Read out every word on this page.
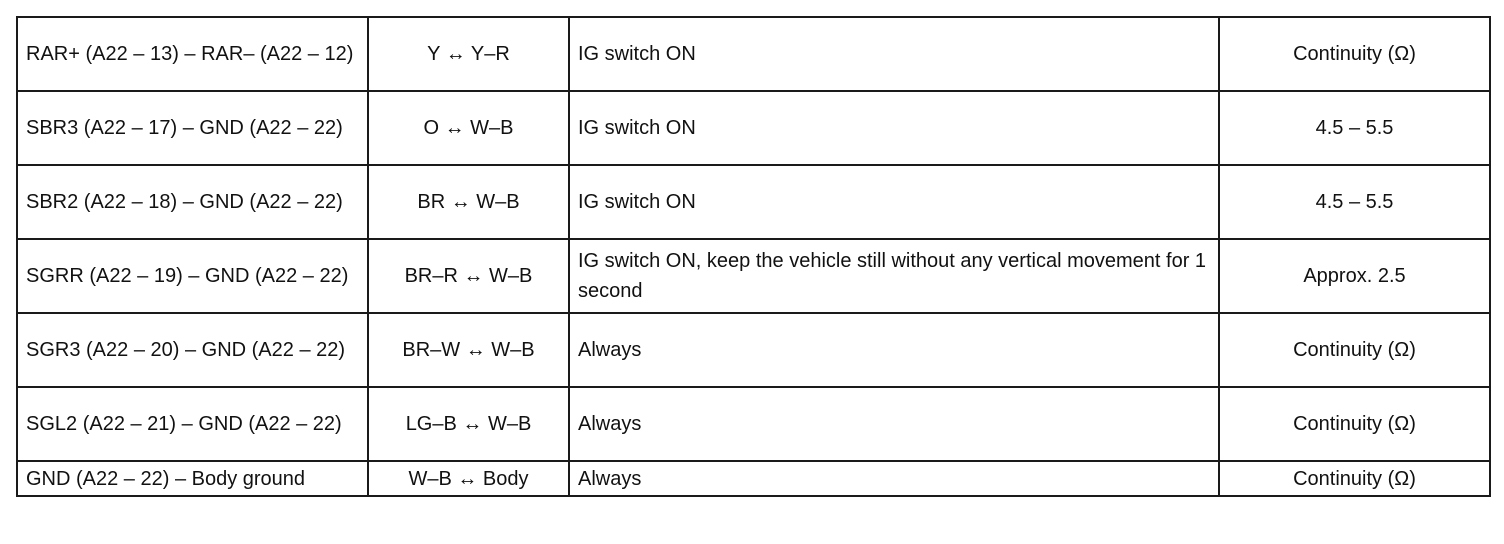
RAR+ (A22 – 13) – RAR– (A22 – 12)	Y ↔ Y–R	IG switch ON	Continuity (Ω)
SBR3 (A22 – 17) – GND (A22 – 22)	O ↔ W–B	IG switch ON	4.5 – 5.5
SBR2 (A22 – 18) – GND (A22 – 22)	BR ↔ W–B	IG switch ON	4.5 – 5.5
SGRR (A22 – 19) – GND (A22 – 22)	BR–R ↔ W–B	IG switch ON, keep the vehicle still without any vertical movement for 1 second	Approx. 2.5
SGR3 (A22 – 20) – GND (A22 – 22)	BR–W ↔ W–B	Always	Continuity (Ω)
SGL2 (A22 – 21) – GND (A22 – 22)	LG–B ↔ W–B	Always	Continuity (Ω)
GND (A22 – 22) – Body ground	W–B ↔ Body	Always	Continuity (Ω)
